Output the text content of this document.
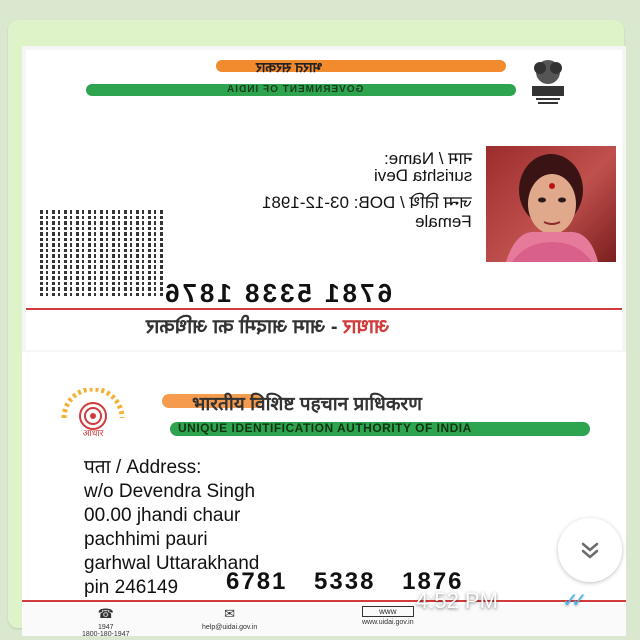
भारत सरकार
GOVERNMENT OF INDIA
नाम / Name:
surishta Devi
जन्म तिथि / DOB: 03-12-1981
Female
6781 5338 1876
आधार - आम आदमी का अधिकार
आधार
भारतीय विशिष्ट पहचान प्राधिकरण
UNIQUE IDENTIFICATION AUTHORITY OF INDIA
पता / Address:
w/o Devendra Singh
00.00 jhandi chaur
pachhimi pauri
garhwal Uttarakhand
pin 246149	6781 5338 1876
☎
1947
1800-180-1947
✉
help@uidai.gov.in
www
www.uidai.gov.in
4:52 PM	✓✓
